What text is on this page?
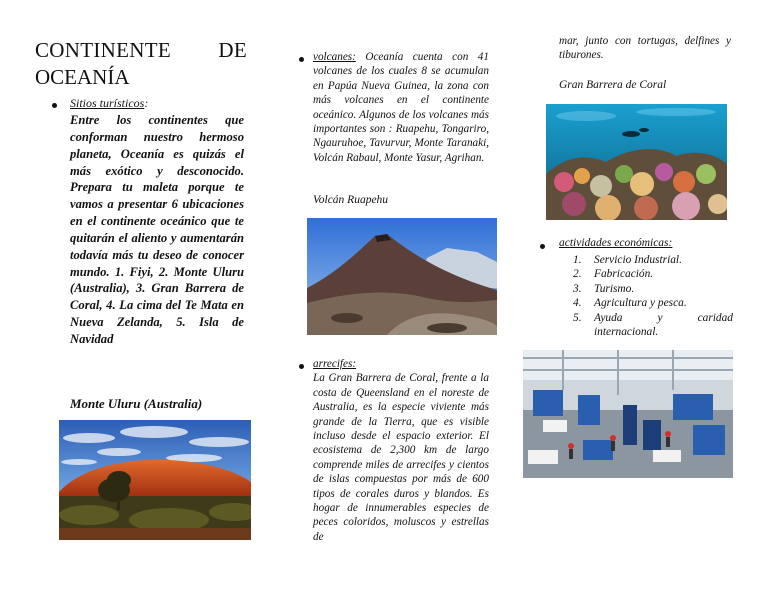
CONTINENTE DE
OCEANÍA
Sitios turísticos:
Entre los continentes que conforman nuestro hermoso planeta, Oceanía es quizás el más exótico y desconocido. Prepara tu maleta porque te vamos a presentar 6 ubicaciones en el continente oceánico que te quitarán el aliento y aumentarán todavía más tu deseo de conocer mundo. 1. Fiyi, 2. Monte Uluru (Australia), 3. Gran Barrera de Coral, 4. La cima del Te Mata en Nueva Zelanda, 5. Isla de Navidad
Monte Uluru (Australia)
volcanes: Oceanía cuenta con 41 volcanes de los cuales 8 se acumulan en Papúa Nueva Guinea, la zona con más volcanes en el continente oceánico. Algunos de los volcanes más importantes son : Ruapehu, Tongariro, Ngauruhoe, Tavurvur, Monte Taranaki, Volcán Rabaul, Monte Yasur, Agrihan.
Volcán Ruapehu
arrecifes:
La Gran Barrera de Coral, frente a la costa de Queensland en el noreste de Australia, es la especie viviente más grande de la Tierra, que es visible incluso desde el espacio exterior. El ecosistema de 2,300 km de largo comprende miles de arrecifes y cientos de islas compuestas por más de 600 tipos de corales duros y blandos. Es hogar de innumerables especies de peces coloridos, moluscos y estrellas de
mar, junto con tortugas, delfines y tiburones.
Gran Barrera de Coral
actividades económicas:
1. Servicio Industrial.
2. Fabricación.
3. Turismo.
4. Agricultura y pesca.
5. Ayuda y caridad internacional.
